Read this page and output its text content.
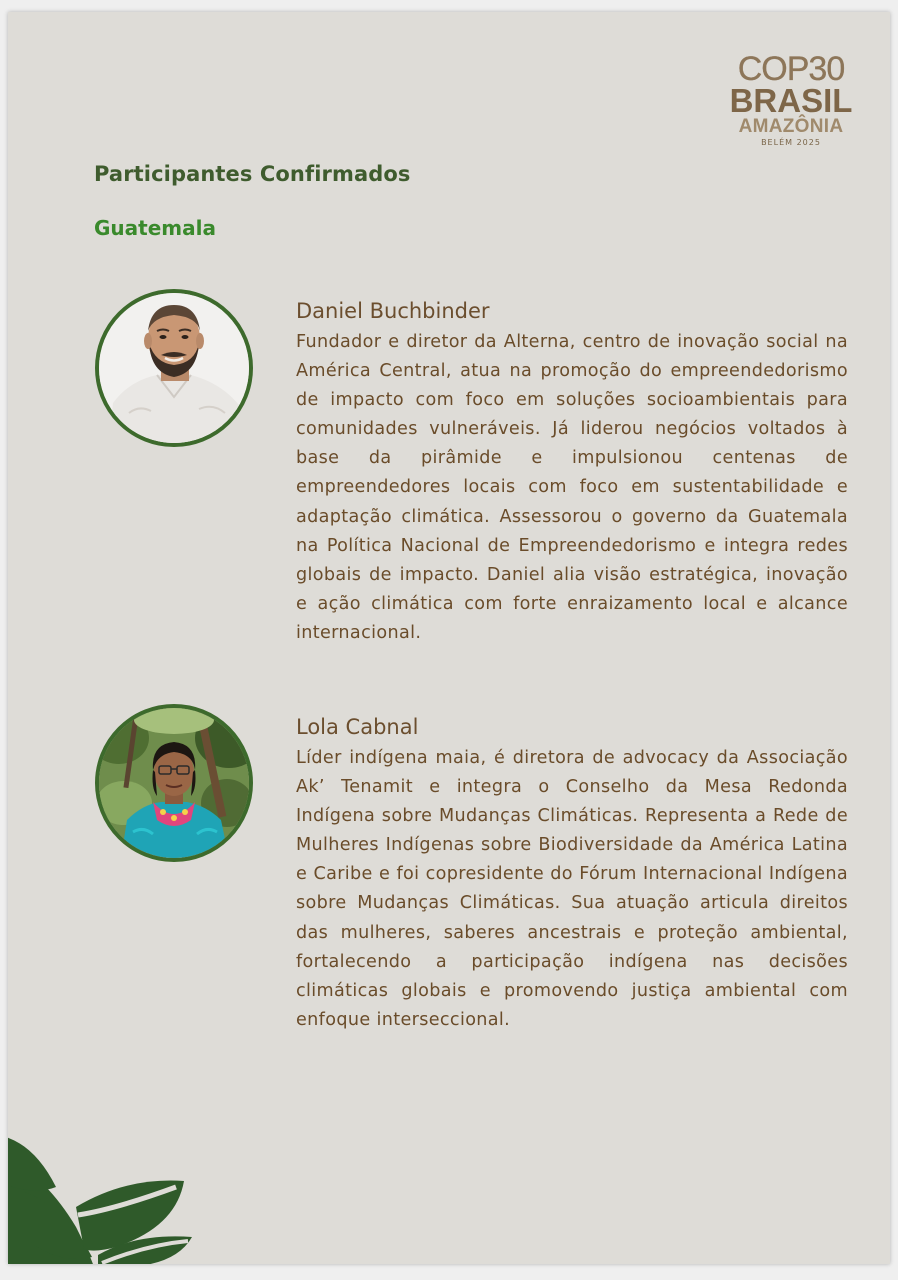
COP30
BRASIL
AMAZÔNIA
BELÉM 2025
Participantes Confirmados
Guatemala
Daniel Buchbinder

Fundador e diretor da Alterna, centro de inovação social na América Central, atua na promoção do empreendedorismo de impacto com foco em soluções socioambientais para comunidades vulneráveis. Já liderou negócios voltados à base da pirâmide e impulsionou centenas de empreendedores locais com foco em sustentabilidade e adaptação climática. Assessorou o governo da Guatemala na Política Nacional de Empreendedorismo e integra redes globais de impacto. Daniel alia visão estratégica, inovação e ação climática com forte enraizamento local e alcance internacional.

Lola Cabnal

Líder indígena maia, é diretora de advocacy da Associação Ak’ Tenamit e integra o Conselho da Mesa Redonda Indígena sobre Mudanças Climáticas. Representa a Rede de Mulheres Indígenas sobre Biodiversidade da América Latina e Caribe e foi copresidente do Fórum Internacional Indígena sobre Mudanças Climáticas. Sua atuação articula direitos das mulheres, saberes ancestrais e proteção ambiental, fortalecendo a participação indígena nas decisões climáticas globais e promovendo justiça ambiental com enfoque interseccional.
